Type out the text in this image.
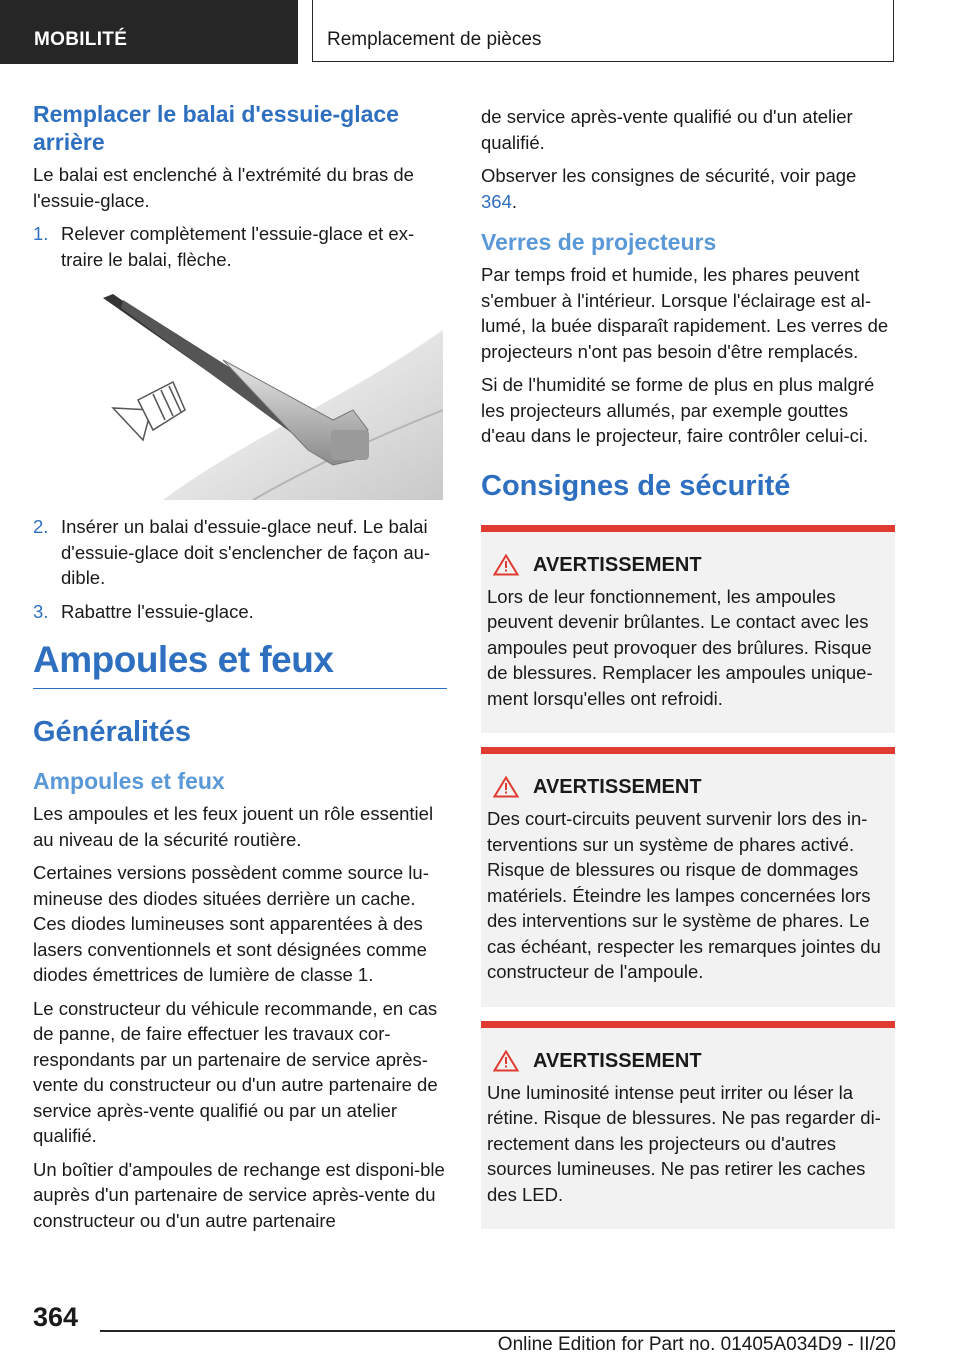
MOBILITÉ	Remplacement de pièces
Remplacer le balai d'essuie-glace arrière

Le balai est enclenché à l'extrémité du bras de l'essuie-glace.

1. Relever complètement l'essuie-glace et ex-traire le balai, flèche.
2. Insérer un balai d'essuie-glace neuf. Le balai d'essuie-glace doit s'enclencher de façon au-dible.
3. Rabattre l'essuie-glace.
Ampoules et feux
Généralités
Ampoules et feux

Les ampoules et les feux jouent un rôle essentiel au niveau de la sécurité routière.

Certaines versions possèdent comme source lu-mineuse des diodes situées derrière un cache. Ces diodes lumineuses sont apparentées à des lasers conventionnels et sont désignées comme diodes émettrices de lumière de classe 1.

Le constructeur du véhicule recommande, en cas de panne, de faire effectuer les travaux cor-respondants par un partenaire de service après-vente du constructeur ou d'un autre partenaire de service après-vente qualifié ou par un atelier qualifié.

Un boîtier d'ampoules de rechange est disponi-ble auprès d'un partenaire de service après-vente du constructeur ou d'un autre partenaire

de service après-vente qualifié ou d'un atelier qualifié.

Observer les consignes de sécurité, voir page 364.

Verres de projecteurs

Par temps froid et humide, les phares peuvent s'embuer à l'intérieur. Lorsque l'éclairage est al-lumé, la buée disparaît rapidement. Les verres de projecteurs n'ont pas besoin d'être remplacés.

Si de l'humidité se forme de plus en plus malgré les projecteurs allumés, par exemple gouttes d'eau dans le projecteur, faire contrôler celui-ci.

Consignes de sécurité
AVERTISSEMENT

Lors de leur fonctionnement, les ampoules peuvent devenir brûlantes. Le contact avec les ampoules peut provoquer des brûlures. Risque de blessures. Remplacer les ampoules unique-ment lorsqu'elles ont refroidi.

AVERTISSEMENT

Des court-circuits peuvent survenir lors des in-terventions sur un système de phares activé. Risque de blessures ou risque de dommages matériels. Éteindre les lampes concernées lors des interventions sur le système de phares. Le cas échéant, respecter les remarques jointes du constructeur de l'ampoule.

AVERTISSEMENT

Une luminosité intense peut irriter ou léser la rétine. Risque de blessures. Ne pas regarder di-rectement dans les projecteurs ou d'autres sources lumineuses. Ne pas retirer les caches des LED.

364
Online Edition for Part no. 01405A034D9 - II/20
